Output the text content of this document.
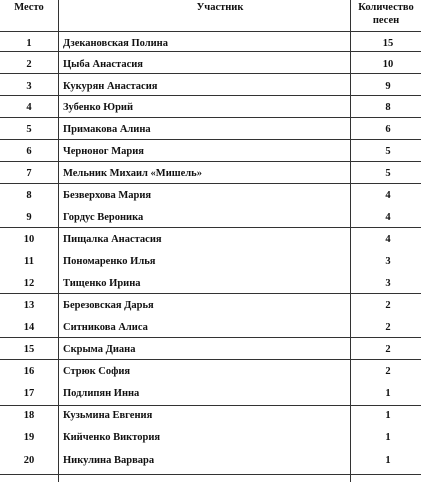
Место	Участник	Количество
песен
1	Дзекановская Полина	15
2	Цыба Анастасия	10
3	Кукурян Анастасия	9
4	Зубенко Юрий	8
5	Примакова Алина	6
6	Черноног Мария	5
7	Мельник Михаил «Мишель»	5
8	Безверхова Мария	4
9	Гордус Вероника	4
10	Пищалка Анастасия	4
11	Пономаренко Илья	3
12	Тищенко Ирина	3
13	Березовская Дарья	2
14	Ситникова Алиса	2
15	Скрыма Диана	2
16	Стрюк София	2
17	Подлипян Инна	1
18	Кузьмина Евгения	1
19	Кийченко Виктория	1
20	Никулина Варвара	1
